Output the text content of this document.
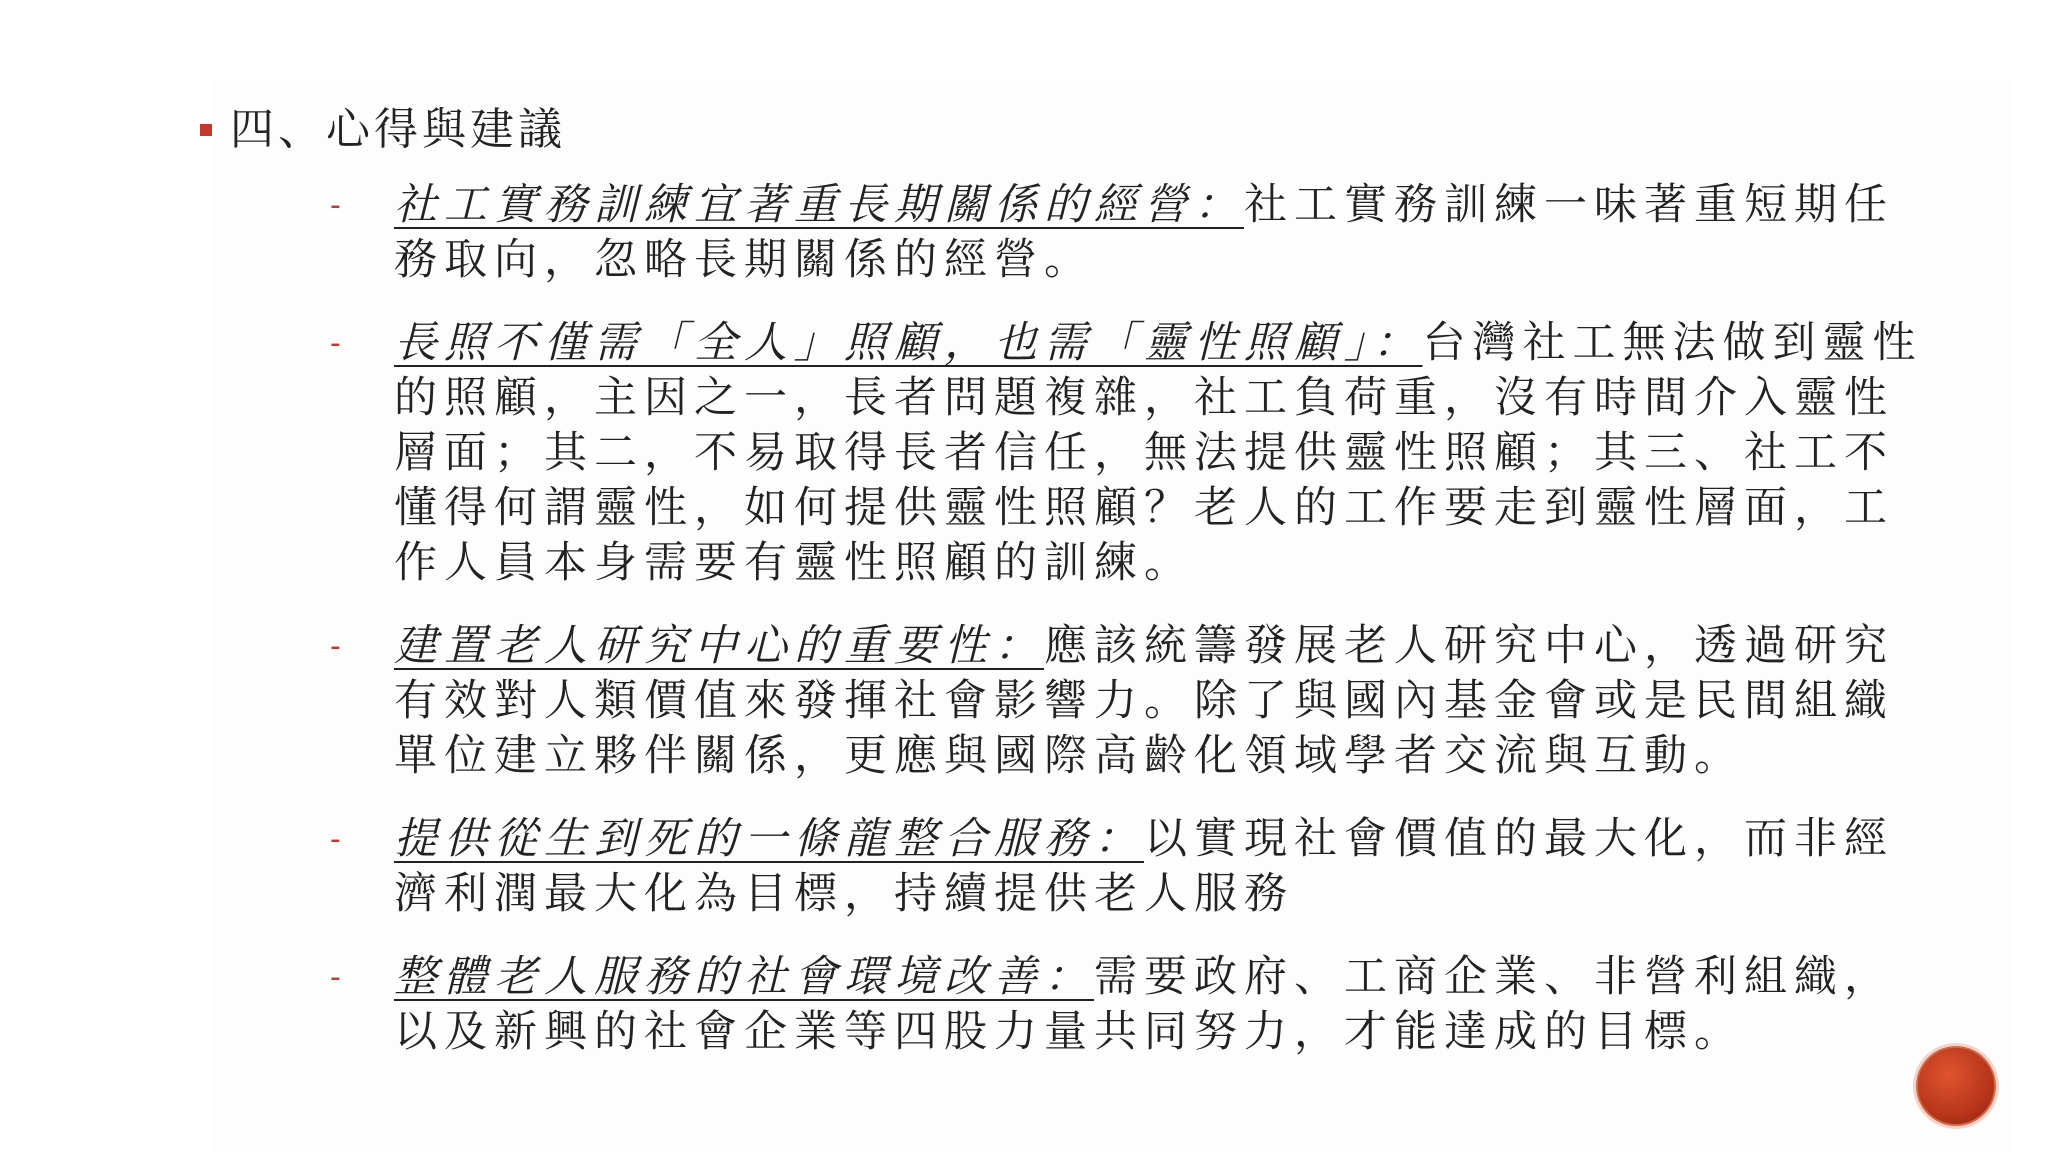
四、心得與建議
- 社工實務訓練宜著重長期關係的經營：社工實務訓練一味著重短期任務取向，忽略長期關係的經營。
- 長照不僅需「全人」照顧，也需「靈性照顧」：台灣社工無法做到靈性的照顧，主因之一，長者問題複雜，社工負荷重，沒有時間介入靈性層面；其二，不易取得長者信任，無法提供靈性照顧；其三、社工不懂得何謂靈性，如何提供靈性照顧？老人的工作要走到靈性層面，工作人員本身需要有靈性照顧的訓練。
- 建置老人研究中心的重要性：應該統籌發展老人研究中心，透過研究有效對人類價值來發揮社會影響力。除了與國內基金會或是民間組織單位建立夥伴關係，更應與國際高齡化領域學者交流與互動。
- 提供從生到死的一條龍整合服務：以實現社會價值的最大化，而非經濟利潤最大化為目標，持續提供老人服務
- 整體老人服務的社會環境改善：需要政府、工商企業、非營利組織，以及新興的社會企業等四股力量共同努力，才能達成的目標。
